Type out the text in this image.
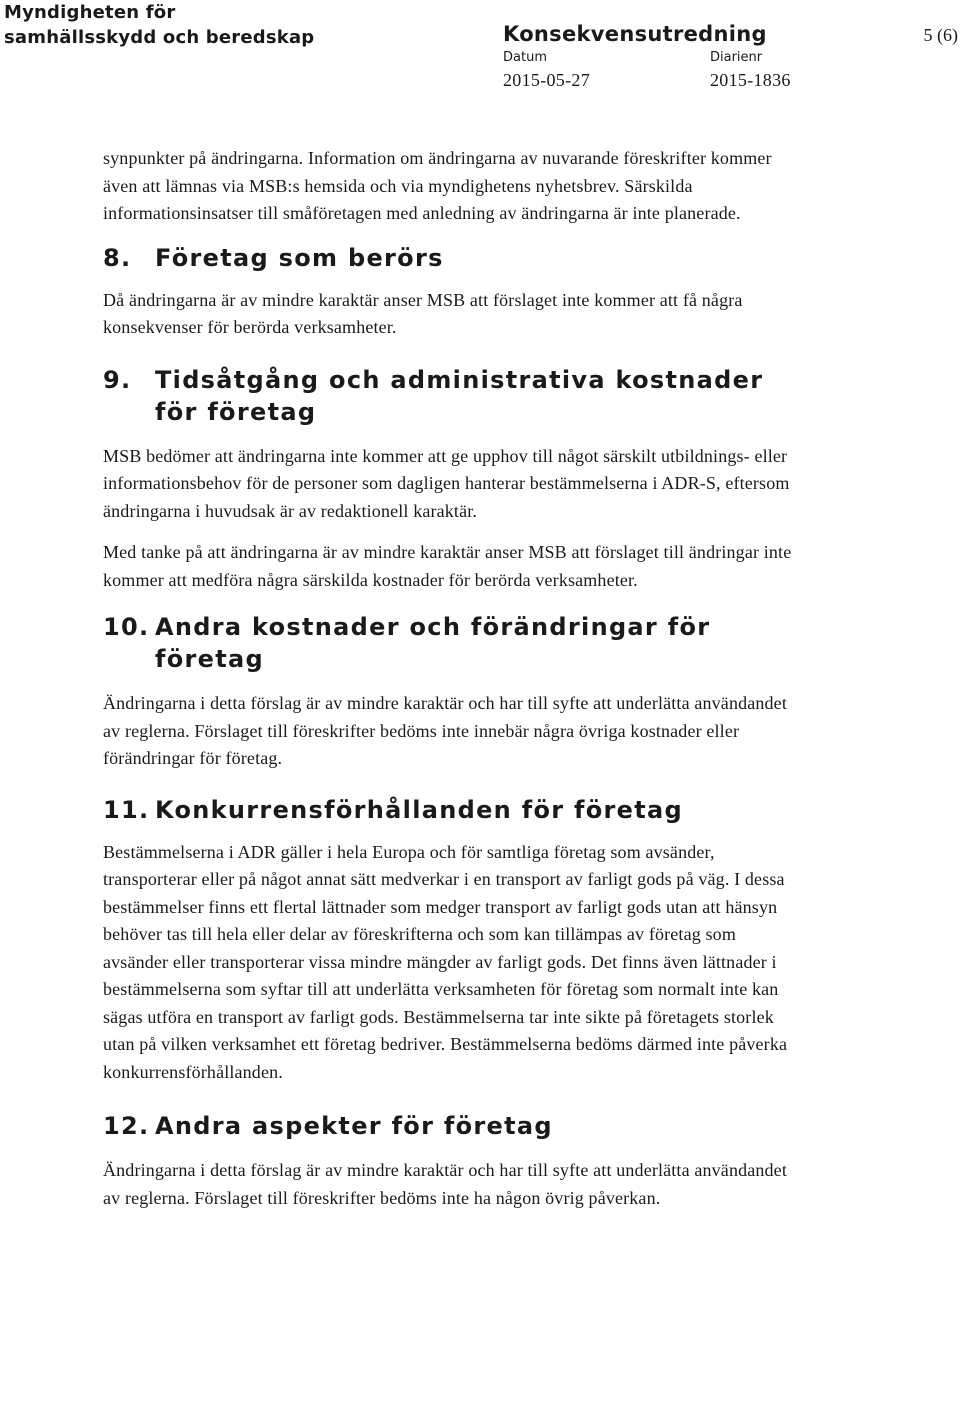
Myndigheten för
samhällsskydd och beredskap	Konsekvensutredning	5 (6)
Datum
2015-05-27
Diarienr
2015-1836

synpunkter på ändringarna. Information om ändringarna av nuvarande föreskrifter kommer även att lämnas via MSB:s hemsida och via myndighetens nyhetsbrev. Särskilda informationsinsatser till småföretagen med anledning av ändringarna är inte planerade.

8. Företag som berörs

Då ändringarna är av mindre karaktär anser MSB att förslaget inte kommer att få några konsekvenser för berörda verksamheter.

9. Tidsåtgång och administrativa kostnader för företag

MSB bedömer att ändringarna inte kommer att ge upphov till något särskilt utbildnings- eller informationsbehov för de personer som dagligen hanterar bestämmelserna i ADR-S, eftersom ändringarna i huvudsak är av redaktionell karaktär.

Med tanke på att ändringarna är av mindre karaktär anser MSB att förslaget till ändringar inte kommer att medföra några särskilda kostnader för berörda verksamheter.

10. Andra kostnader och förändringar för företag

Ändringarna i detta förslag är av mindre karaktär och har till syfte att underlätta användandet av reglerna. Förslaget till föreskrifter bedöms inte innebär några övriga kostnader eller förändringar för företag.

11. Konkurrensförhållanden för företag

Bestämmelserna i ADR gäller i hela Europa och för samtliga företag som avsänder, transporterar eller på något annat sätt medverkar i en transport av farligt gods på väg. I dessa bestämmelser finns ett flertal lättnader som medger transport av farligt gods utan att hänsyn behöver tas till hela eller delar av föreskrifterna och som kan tillämpas av företag som avsänder eller transporterar vissa mindre mängder av farligt gods. Det finns även lättnader i bestämmelserna som syftar till att underlätta verksamheten för företag som normalt inte kan sägas utföra en transport av farligt gods. Bestämmelserna tar inte sikte på företagets storlek utan på vilken verksamhet ett företag bedriver. Bestämmelserna bedöms därmed inte påverka konkurrensförhållanden.

12. Andra aspekter för företag

Ändringarna i detta förslag är av mindre karaktär och har till syfte att underlätta användandet av reglerna. Förslaget till föreskrifter bedöms inte ha någon övrig påverkan.
